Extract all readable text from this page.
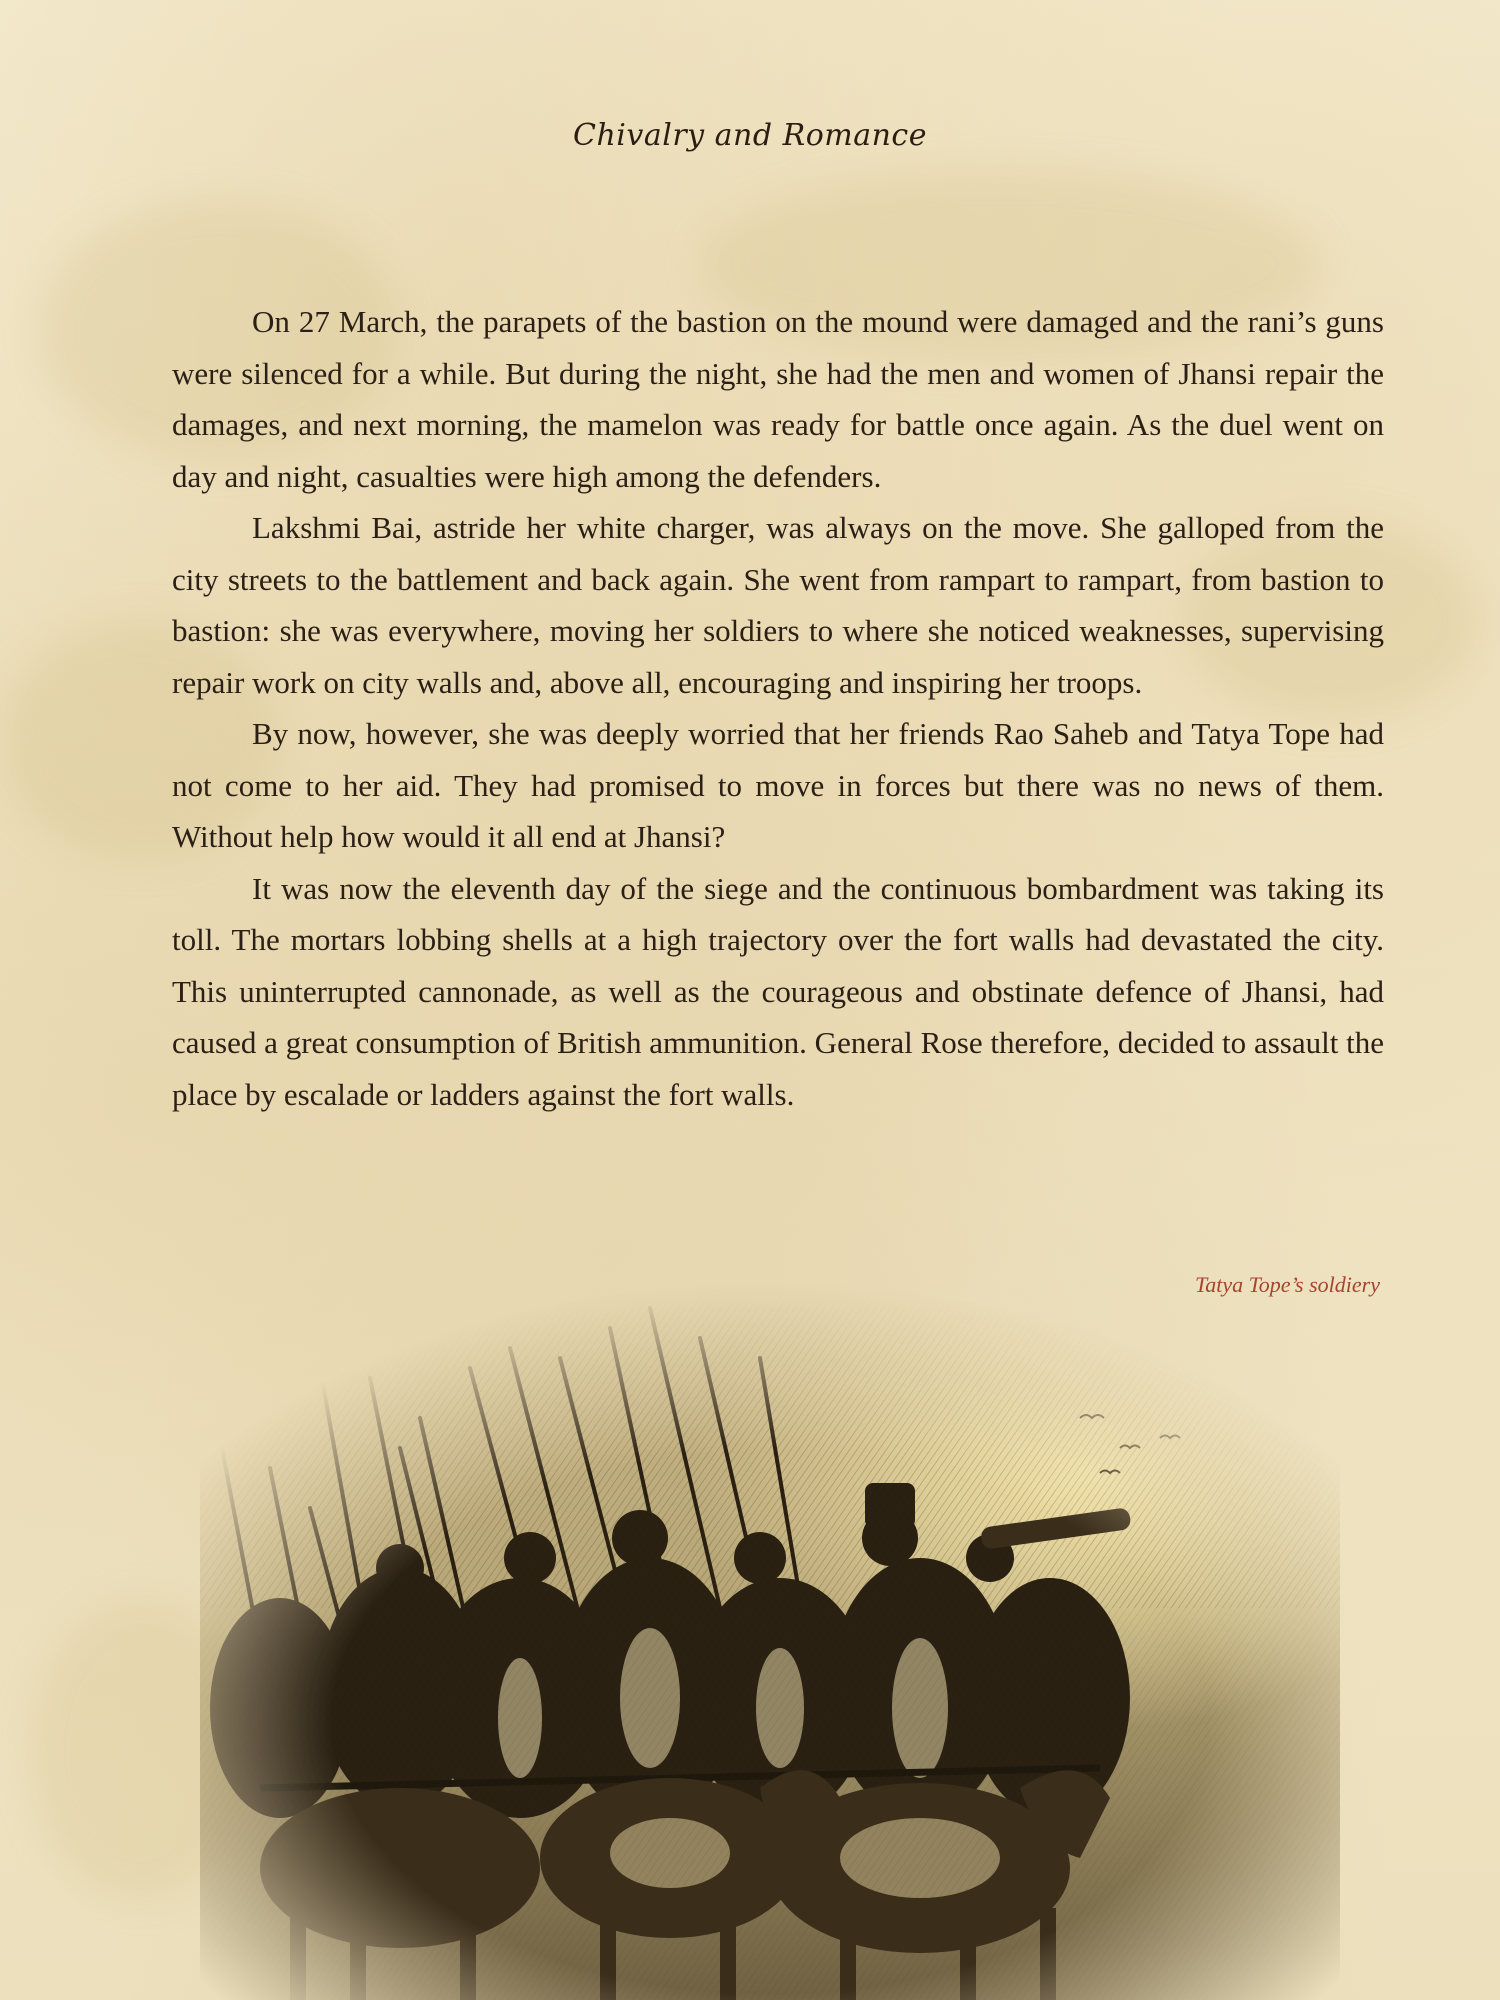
Chivalry and Romance

On 27 March, the parapets of the bastion on the mound were damaged and the rani’s guns were silenced for a while. But during the night, she had the men and women of Jhansi repair the damages, and next morning, the mamelon was ready for battle once again. As the duel went on day and night, casualties were high among the defenders.

Lakshmi Bai, astride her white charger, was always on the move. She galloped from the city streets to the battlement and back again. She went from rampart to rampart, from bastion to bastion: she was everywhere, moving her soldiers to where she noticed weaknesses, supervising repair work on city walls and, above all, encouraging and inspiring her troops.

By now, however, she was deeply worried that her friends Rao Saheb and Tatya Tope had not come to her aid. They had promised to move in forces but there was no news of them. Without help how would it all end at Jhansi?

It was now the eleventh day of the siege and the continuous bombardment was taking its toll. The mortars lobbing shells at a high trajectory over the fort walls had devastated the city. This uninterrupted cannonade, as well as the courageous and obstinate defence of Jhansi, had caused a great consumption of British ammunition. General Rose therefore, decided to assault the place by escalade or ladders against the fort walls.

Tatya Tope’s soldiery
